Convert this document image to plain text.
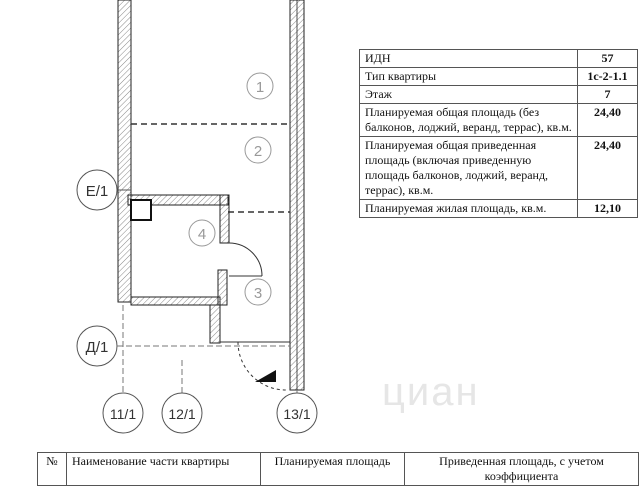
1
2
4
3
Е/1
Д/1
11/1 12/1	13/1 циан
ИДН	57
Тип квартиры	1с-2-1.1
Этаж	7
Планируемая общая площадь (без балконов, лоджий, веранд, террас), кв.м.	24,40
Планируемая общая приведенная площадь (включая приведенную площадь балконов, лоджий, веранд, террас), кв.м.	24,40
Планируемая жилая площадь, кв.м.	12,10
№	Наименование части квартиры	Планируемая площадь	Приведенная площадь, с учетом коэффициента
